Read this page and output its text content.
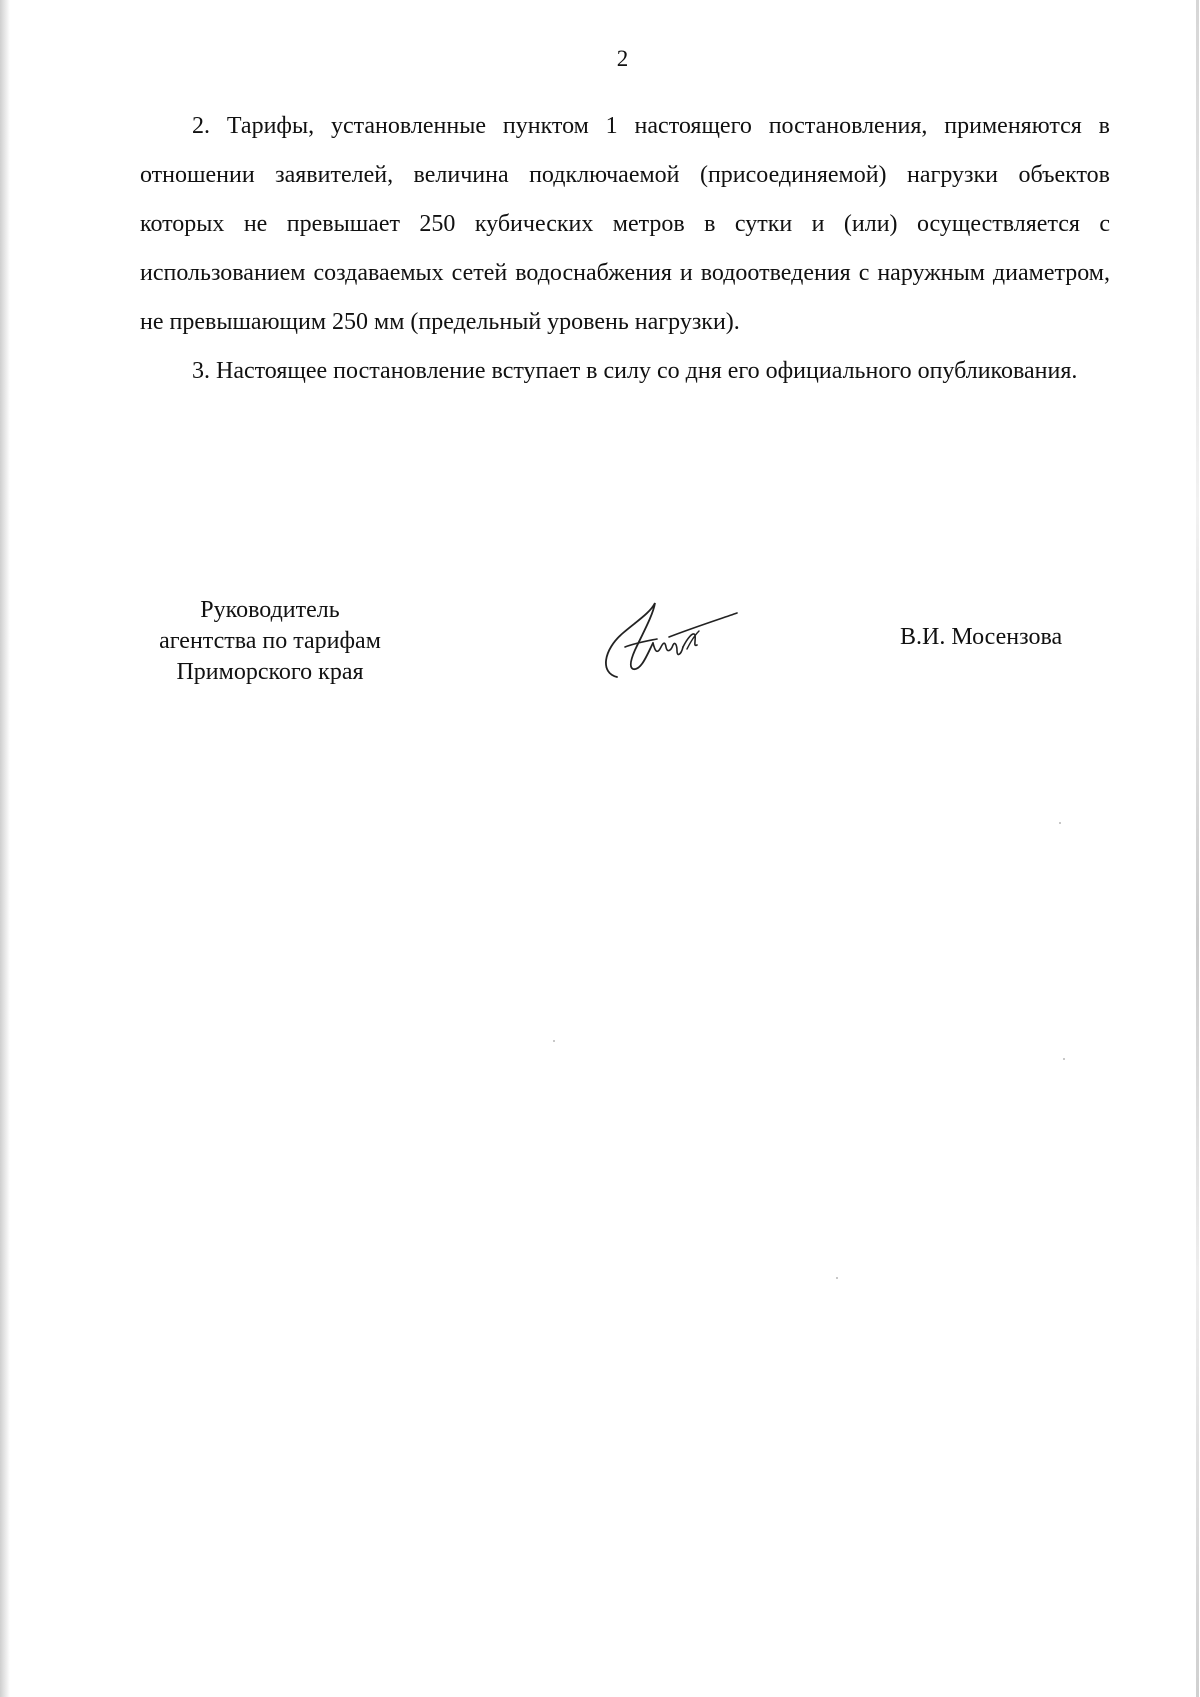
2

2. Тарифы, установленные пунктом 1 настоящего постановления, применяются в отношении заявителей, величина подключаемой (присоединяемой) нагрузки объектов которых не превышает 250 кубических метров в сутки и (или) осуществляется с использованием создаваемых сетей водоснабжения и водоотведения с наружным диаметром, не превышающим 250 мм (предельный уровень нагрузки).

3. Настоящее постановление вступает в силу со дня его официального опубликования.

Руководитель
агентства по тарифам
Приморского края
В.И. Мосензова
